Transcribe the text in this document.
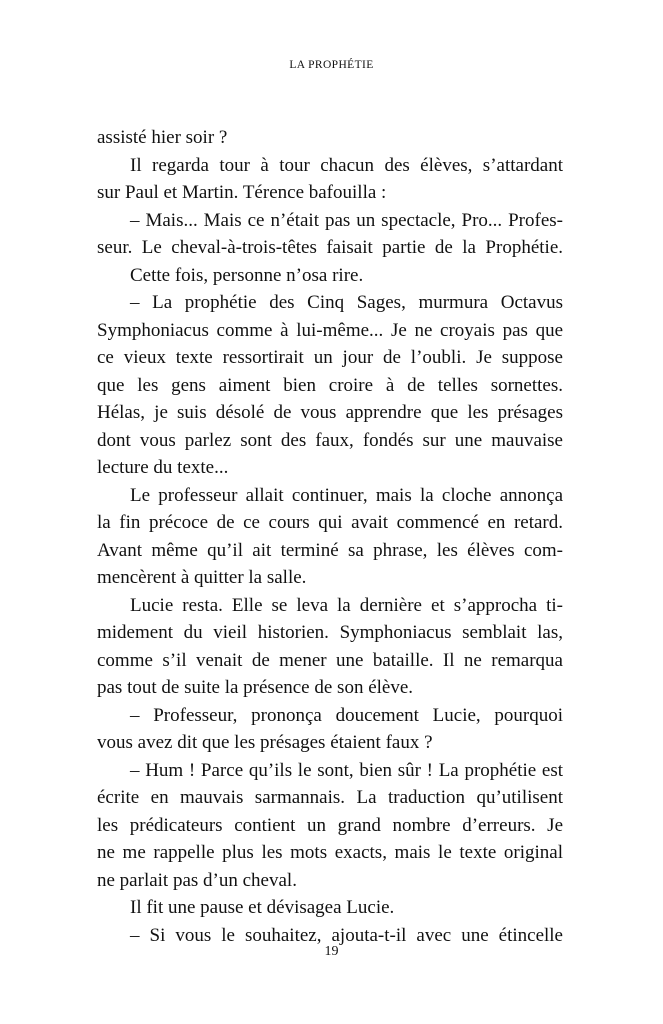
LA PROPHÉTIE
assisté hier soir ?
Il regarda tour à tour chacun des élèves, s’attardant
sur Paul et Martin. Térence bafouilla :
– Mais... Mais ce n’était pas un spectacle, Pro... Profes-
seur. Le cheval-à-trois-têtes faisait partie de la Prophétie.
Cette fois, personne n’osa rire.
– La prophétie des Cinq Sages, murmura Octavus
Symphoniacus comme à lui-même... Je ne croyais pas que
ce vieux texte ressortirait un jour de l’oubli. Je suppose
que les gens aiment bien croire à de telles sornettes.
Hélas, je suis désolé de vous apprendre que les présages
dont vous parlez sont des faux, fondés sur une mauvaise
lecture du texte...
Le professeur allait continuer, mais la cloche annonça
la fin précoce de ce cours qui avait commencé en retard.
Avant même qu’il ait terminé sa phrase, les élèves com-
mencèrent à quitter la salle.
Lucie resta. Elle se leva la dernière et s’approcha ti-
midement du vieil historien. Symphoniacus semblait las,
comme s’il venait de mener une bataille. Il ne remarqua
pas tout de suite la présence de son élève.
– Professeur, prononça doucement Lucie, pourquoi
vous avez dit que les présages étaient faux ?
– Hum ! Parce qu’ils le sont, bien sûr ! La prophétie est
écrite en mauvais sarmannais. La traduction qu’utilisent
les prédicateurs contient un grand nombre d’erreurs. Je
ne me rappelle plus les mots exacts, mais le texte original
ne parlait pas d’un cheval.
Il fit une pause et dévisagea Lucie.
– Si vous le souhaitez, ajouta-t-il avec une étincelle
19
